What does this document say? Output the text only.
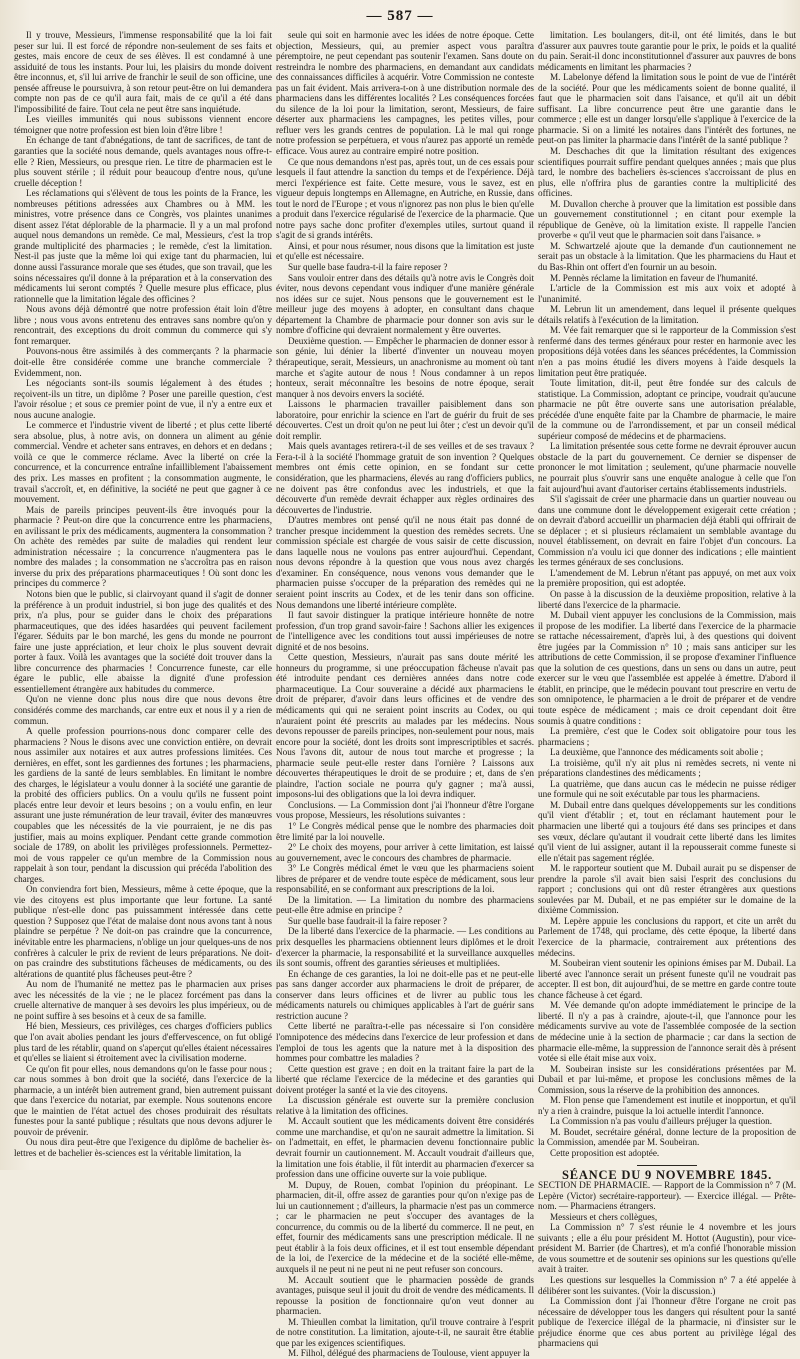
— 587 —

Il y trouve, Messieurs, l'immense responsabilité que la loi fait peser sur lui. Il est forcé de répondre non-seulement de ses faits et gestes, mais encore de ceux de ses élèves. Il est condamné à une assiduité de tous les instants. Pour lui, les plaisirs du monde doivent être inconnus, et, s'il lui arrive de franchir le seuil de son officine, une pensée affreuse le poursuivra, à son retour peut-être on lui demandera compte non pas de ce qu'il aura fait, mais de ce qu'il a été dans l'impossibilité de faire. Tout cela ne peut être sans inquiétude.

Les vieilles immunités qui nous subissons viennent encore témoigner que notre profession est bien loin d'être libre !

En échange de tant d'abnégations, de tant de sacrifices, de tant de garanties que la société nous demande, quels avantages nous offre-t-elle ? Rien, Messieurs, ou presque rien. Le titre de pharmacien est le plus souvent stérile ; il réduit pour beaucoup d'entre nous, qu'une cruelle déception !

Les réclamations qui s'élèvent de tous les points de la France, les nombreuses pétitions adressées aux Chambres ou à MM. les ministres, votre présence dans ce Congrès, vos plaintes unanimes disent assez l'état déplorable de la pharmacie. Il y a un mal profond auquel nous demandons un remède. Ce mal, Messieurs, c'est la trop grande multiplicité des pharmacies ; le remède, c'est la limitation. Nest-il pas juste que la même loi qui exige tant du pharmacien, lui donne aussi l'assurance morale que ses études, que son travail, que les soins nécessaires qu'il donne à la préparation et à la conservation des médicaments lui seront comptés ? Quelle mesure plus efficace, plus rationnelle que la limitation légale des officines ?

Nous avons déjà démontré que notre profession était loin d'être libre ; nous vous avons entretenu des entraves sans nombre qu'on y rencontrait, des exceptions du droit commun du commerce qui s'y font remarquer.

Pouvons-nous être assimilés à des commerçants ? la pharmacie doit-elle être considérée comme une branche commerciale ? Evidemment, non.

Les négociants sont-ils soumis légalement à des études ; reçoivent-ils un titre, un diplôme ? Poser une pareille question, c'est l'avoir résolue ; et sous ce premier point de vue, il n'y a entre eux et nous aucune analogie.

Le commerce et l'industrie vivent de liberté ; et plus cette liberté sera absolue, plus, à notre avis, on donnera un aliment au génie commercial. Vendre et acheter sans entraves, en dehors et en dedans ; voilà ce que le commerce réclame. Avec la liberté on crée la concurrence, et la concurrence entraîne infailliblement l'abaissement des prix. Les masses en profitent ; la consommation augmente, le travail s'accroît, et, en définitive, la société ne peut que gagner à ce mouvement.

Mais de pareils principes peuvent-ils être invoqués pour la pharmacie ? Peut-on dire que la concurrence entre les pharmaciens, en avilissant le prix des médicaments, augmentera la consommation ? On achète des remèdes par suite de maladies qui rendent leur administration nécessaire ; la concurrence n'augmentera pas le nombre des malades ; la consommation ne s'accroîtra pas en raison inverse du prix des préparations pharmaceutiques ! Où sont donc les principes du commerce ?

Notons bien que le public, si clairvoyant quand il s'agit de donner la préférence à un produit industriel, si bon juge des qualités et des prix, n'a plus, pour se guider dans le choix des préparations pharmaceutiques, que des idées hasardées qui peuvent facilement l'égarer. Séduits par le bon marché, les gens du monde ne pourront faire une juste appréciation, et leur choix le plus souvent devrait porter à faux. Voilà les avantages que la société doit trouver dans la libre concurrence des pharmacies ! Concurrence funeste, car elle égare le public, elle abaisse la dignité d'une profession essentiellement étrangère aux habitudes du commerce.

Qu'on ne vienne donc plus nous dire que nous devons être considérés comme des marchands, car entre eux et nous il y a rien de commun.

A quelle profession pourrions-nous donc comparer celle des pharmaciens ? Nous le disons avec une conviction entière, on devrait nous assimiler aux notaires et aux autres professions limitées. Ces dernières, en effet, sont les gardiennes des fortunes ; les pharmaciens, les gardiens de la santé de leurs semblables. En limitant le nombre des charges, le législateur a voulu donner à la société une garantie de la probité des officiers publics. On a voulu qu'ils ne fussent point placés entre leur devoir et leurs besoins ; on a voulu enfin, en leur assurant une juste rémunération de leur travail, éviter des manœuvres coupables que les nécessités de la vie pourraient, je ne dis pas justifier, mais au moins expliquer. Pendant cette grande commotion sociale de 1789, on abolit les privilèges professionnels. Permettez-moi de vous rappeler ce qu'un membre de la Commission nous rappelait à son tour, pendant la discussion qui précéda l'abolition des charges.

On conviendra fort bien, Messieurs, même à cette époque, que la vie des citoyens est plus importante que leur fortune. La santé publique n'est-elle donc pas puissamment intéressée dans cette question ? Supposez que l'état de malaise dont nous avons tant à nous plaindre se perpétue ? Ne doit-on pas craindre que la concurrence, inévitable entre les pharmaciens, n'oblige un jour quelques-uns de nos confrères à calculer le prix de revient de leurs préparations. Ne doit-on pas craindre des substitutions fâcheuses de médicaments, ou des altérations de quantité plus fâcheuses peut-être ?

Au nom de l'humanité ne mettez pas le pharmacien aux prises avec les nécessités de la vie ; ne le placez forcément pas dans la cruelle alternative de manquer à ses devoirs les plus impérieux, ou de ne point suffire à ses besoins et à ceux de sa famille.

Hé bien, Messieurs, ces privilèges, ces charges d'officiers publics que l'on avait abolies pendant les jours d'effervescence, on fut obligé plus tard de les rétablir, quand on s'aperçut qu'elles étaient nécessaires et qu'elles se liaient si étroitement avec la civilisation moderne.

Ce qu'on fit pour elles, nous demandons qu'on le fasse pour nous ; car nous sommes à bon droit que la société, dans l'exercice de la pharmacie, a un intérêt bien autrement grand, bien autrement puissant que dans l'exercice du notariat, par exemple. Nous soutenons encore que le maintien de l'état actuel des choses produirait des résultats funestes pour la santé publique ; résultats que nous devons adjurer le pouvoir de prévenir.

Ou nous dira peut-être que l'exigence du diplôme de bachelier ès-lettres et de bachelier ès-sciences est la véritable limitation, la

seule qui soit en harmonie avec les idées de notre époque. Cette objection, Messieurs, qui, au premier aspect vous paraîtra péremptoire, ne peut cependant pas soutenir l'examen. Sans doute on restreindra le nombre des pharmaciens, en demandant aux candidats des connaissances difficiles à acquérir. Votre Commission ne conteste pas un fait évident. Mais arrivera-t-on à une distribution normale des pharmaciens dans les différentes localités ? Les conséquences forcées du silence de la loi pour la limitation, seront, Messieurs, de faire déserter aux pharmaciens les campagnes, les petites villes, pour refluer vers les grands centres de population. Là le mal qui ronge notre profession se perpétuera, et vous n'aurez pas apporté un remède efficace. Vous aurez au contraire empiré notre position.

Ce que nous demandons n'est pas, après tout, un de ces essais pour lesquels il faut attendre la sanction du temps et de l'expérience. Déjà merci l'expérience est faite. Cette mesure, vous le savez, est en vigueur depuis longtemps en Allemagne, en Autriche, en Russie, dans tout le nord de l'Europe ; et vous n'ignorez pas non plus le bien qu'elle a produit dans l'exercice régularisé de l'exercice de la pharmacie. Que notre pays sache donc profiter d'exemples utiles, surtout quand il s'agit de si grands intérêts.

Ainsi, et pour nous résumer, nous disons que la limitation est juste et qu'elle est nécessaire.

Sur quelle base faudra-t-il la faire reposer ?

Sans vouloir entrer dans des détails qu'à notre avis le Congrès doit éviter, nous devons cependant vous indiquer d'une manière générale nos idées sur ce sujet. Nous pensons que le gouvernement est le meilleur juge des moyens à adopter, en consultant dans chaque département la Chambre de pharmacie pour donner son avis sur le nombre d'officine qui devraient normalement y être ouvertes.

Deuxième question. — Empêcher le pharmacien de donner essor à son génie, lui dénier la liberté d'inventer un nouveau moyen thérapeutique, serait, Messieurs, un anachronisme au moment où tant marche et s'agite autour de nous ! Nous condamner à un repos honteux, serait méconnaître les besoins de notre époque, serait manquer à nos devoirs envers la société.

Laissons le pharmacien travailler paisiblement dans son laboratoire, pour enrichir la science en l'art de guérir du fruit de ses découvertes. C'est un droit qu'on ne peut lui ôter ; c'est un devoir qu'il doit remplir.

Mais quels avantages retirera-t-il de ses veilles et de ses travaux ? Fera-t-il à la société l'hommage gratuit de son invention ? Quelques membres ont émis cette opinion, en se fondant sur cette considération, que les pharmaciens, élevés au rang d'officiers publics, ne doivent pas être confondus avec les industriels, et que la découverte d'un remède devrait échapper aux règles ordinaires des découvertes de l'industrie.

D'autres membres ont pensé qu'il ne nous était pas donné de trancher presque incidemment la question des remèdes secrets. Une commission spéciale est chargée de vous saisir de cette discussion, dans laquelle nous ne voulons pas entrer aujourd'hui. Cependant, nous devons répondre à la question que vous nous avez chargés d'examiner. En conséquence, nous venons vous demander que le pharmacien puisse s'occuper de la préparation des remèdes qui ne seraient point inscrits au Codex, et de les tenir dans son officine. Nous demandons une liberté intérieure complète.

Il faut savoir distinguer la pratique intérieure honnête de notre profession, d'un trop grand savoir-faire ! Sachons allier les exigences de l'intelligence avec les conditions tout aussi impérieuses de notre dignité et de nos besoins.

Cette question, Messieurs, n'aurait pas sans doute mérité les honneurs du programme, si une préoccupation fâcheuse n'avait pas été introduite pendant ces dernières années dans notre code pharmaceutique. La Cour souveraine a décidé aux pharmaciens le droit de préparer, d'avoir dans leurs officines et de vendre des médicaments qui qui ne seraient point inscrits au Codex, ou qui n'auraient point été prescrits au malades par les médecins. Nous devons repousser de pareils principes, non-seulement pour nous, mais encore pour la société, dont les droits sont imprescriptibles et sacrés. Nous l'avons dit, autour de nous tout marche et progresse ; la pharmacie seule peut-elle rester dans l'ornière ? Laissons aux découvertes thérapeutiques le droit de se produire ; et, dans de s'en plaindre, l'action sociale ne pourra qu'y gagner ; ma'à aussi, imposons-lui des obligations que la loi devra indiquer.

Conclusions. — La Commission dont j'ai l'honneur d'être l'organe vous propose, Messieurs, les résolutions suivantes :

1° Le Congrès médical pense que le nombre des pharmacies doit être limité par la loi nouvelle.

2° Le choix des moyens, pour arriver à cette limitation, est laissé au gouvernement, avec le concours des chambres de pharmacie.

3° Le Congrès médical émet le vœu que les pharmaciens soient libres de préparer et de vendre toute espèce de médicament, sous leur responsabilité, en se conformant aux prescriptions de la loi.

De la limitation. — La limitation du nombre des pharmaciens peut-elle être admise en principe ?

Sur quelle base faudrait-il la faire reposer ?

De la liberté dans l'exercice de la pharmacie. — Les conditions au prix desquelles les pharmaciens obtiennent leurs diplômes et le droit d'exercer la pharmacie, la responsabilité et la surveillance auxquelles ils sont soumis, offrent des garanties sérieuses et multipliées.

En échange de ces garanties, la loi ne doit-elle pas et ne peut-elle pas sans danger accorder aux pharmaciens le droit de préparer, de conserver dans leurs officines et de livrer au public tous les médicaments naturels ou chimiques applicables à l'art de guérir sans restriction aucune ?

Cette liberté ne paraîtra-t-elle pas nécessaire si l'on considère l'omnipotence des médecins dans l'exercice de leur profession et dans l'emploi de tous les agents que la nature met à la disposition des hommes pour combattre les maladies ?

Cette question est grave ; en doit en la traitant faire la part de la liberté que réclame l'exercice de la médecine et des garanties qui doivent protéger la santé et la vie des citoyens.

La discussion générale est ouverte sur la première conclusion relative à la limitation des officines.

M. Accault soutient que les médicaments doivent être considérés comme une marchandise, et qu'on ne saurait admettre la limitation. Si on l'admettait, en effet, le pharmacien devenu fonctionnaire public devrait fournir un cautionnement. M. Accault voudrait d'ailleurs que, la limitation une fois établie, il fût interdit au pharmacien d'exercer sa profession dans une officine ouverte sur la voie publique.

M. Dupuy, de Rouen, combat l'opinion du préopinant. Le pharmacien, dit-il, offre assez de garanties pour qu'on n'exige pas de lui un cautionnement ; d'ailleurs, la pharmacie n'est pas un commerce ; car le pharmacien ne peut s'occuper des avantages de la concurrence, du commis ou de la liberté du commerce. Il ne peut, en effet, fournir des médicaments sans une prescription médicale. Il ne peut établir à la fois deux officines, et il est tout ensemble dépendant de la loi, de l'exercice de la médecine et de la société elle-même, auxquels il ne peut ni ne peut ni ne peut refuser son concours.

M. Accault soutient que le pharmacien possède de grands avantages, puisque seul il jouit du droit de vendre des médicaments. Il repousse la position de fonctionnaire qu'on veut donner au pharmacien.

M. Thieullen combat la limitation, qu'il trouve contraire à l'esprit de notre constitution. La limitation, ajoute-t-il, ne saurait être établie que par les exigences scientifiques.

M. Filhol, délégué des pharmaciens de Toulouse, vient appuyer la

limitation. Les boulangers, dit-il, ont été limités, dans le but d'assurer aux pauvres toute garantie pour le prix, le poids et la qualité du pain. Serait-il donc inconstitutionnel d'assurer aux pauvres de bons médicaments en limitant les pharmacies ?

M. Labelonye défend la limitation sous le point de vue de l'intérêt de la société. Pour que les médicaments soient de bonne qualité, il faut que le pharmacien soit dans l'aisance, et qu'il ait un débit suffisant. La libre concurrence peut être une garantie dans le commerce ; elle est un danger lorsqu'elle s'applique à l'exercice de la pharmacie. Si on a limité les notaires dans l'intérêt des fortunes, ne peut-on pas limiter la pharmacie dans l'intérêt de la santé publique ?

M. Deschaches dit que la limitation résultant des exigences scientifiques pourrait suffire pendant quelques années ; mais que plus tard, le nombre des bacheliers ès-sciences s'accroissant de plus en plus, elle n'offrira plus de garanties contre la multiplicité des officines.

M. Duvallon cherche à prouver que la limitation est possible dans un gouvernement constitutionnel ; en citant pour exemple la république de Genève, où la limitation existe. Il rappelle l'ancien proverbe « qu'il veut que le pharmacien soit dans l'aisance. »

M. Schwartzelé ajoute que la demande d'un cautionnement ne serait pas un obstacle à la limitation. Que les pharmaciens du Haut et du Bas-Rhin ont offert d'en fournir un au besoin.

M. Pennès réclame la limitation en faveur de l'humanité.

L'article de la Commission est mis aux voix et adopté à l'unanimité.

M. Lebrun lit un amendement, dans lequel il présente quelques détails relatifs à l'exécution de la limitation.

M. Vée fait remarquer que si le rapporteur de la Commission s'est renfermé dans des termes généraux pour rester en harmonie avec les propositions déjà votées dans les séances précédentes, la Commission n'en a pas moins étudié les divers moyens à l'aide desquels la limitation peut être pratiquée.

Toute limitation, dit-il, peut être fondée sur des calculs de statistique. La Commission, adoptant ce principe, voudrait qu'aucune pharmacie ne pût être ouverte sans une autorisation préalable, précédée d'une enquête faite par la Chambre de pharmacie, le maire de la commune ou de l'arrondissement, et par un conseil médical supérieur composé de médecins et de pharmaciens.

La limitation présentée sous cette forme ne devrait éprouver aucun obstacle de la part du gouvernement. Ce dernier se dispenser de prononcer le mot limitation ; seulement, qu'une pharmacie nouvelle ne pourrait plus s'ouvrir sans une enquête analogue à celle que l'on fait aujourd'hui avant d'autoriser certains établissements industriels.

S'il s'agissait de créer une pharmacie dans un quartier nouveau ou dans une commune dont le développement exigerait cette création ; on devrait d'abord accueillir un pharmacien déjà établi qui offrirait de se déplacer ; et si plusieurs réclamaient un semblable avantage du nouvel établissement, on devrait en faire l'objet d'un concours. La Commission n'a voulu ici que donner des indications ; elle maintient les termes généraux de ses conclusions.

L'amendement de M. Lebrun n'étant pas appuyé, on met aux voix la première proposition, qui est adoptée.

On passe à la discussion de la deuxième proposition, relative à la liberté dans l'exercice de la pharmacie.

M. Dubail vient appuyer les conclusions de la Commission, mais il propose de les modifier. La liberté dans l'exercice de la pharmacie se rattache nécessairement, d'après lui, à des questions qui doivent être jugées par la Commission n° 10 ; mais sans anticiper sur les attributions de cette Commission, il se propose d'examiner l'influence que la solution de ces questions, dans un sens ou dans un autre, peut exercer sur le vœu que l'assemblée est appelée à émettre. D'abord il établit, en principe, que le médecin pouvant tout prescrire en vertu de son omnipotence, le pharmacien a le droit de préparer et de vendre toute espèce de médicament ; mais ce droit cependant doit être soumis à quatre conditions :

La première, c'est que le Codex soit obligatoire pour tous les pharmaciens ;

La deuxième, que l'annonce des médicaments soit abolie ;

La troisième, qu'il n'y ait plus ni remèdes secrets, ni vente ni préparations clandestines des médicaments ;

La quatrième, que dans aucun cas le médecin ne puisse rédiger une formule qui ne soit exécutable par tous les pharmaciens.

M. Dubail entre dans quelques développements sur les conditions qu'il vient d'établir ; et, tout en réclamant hautement pour le pharmacien une liberté qui a toujours été dans ses principes et dans ses vœux, déclare qu'autant il voudrait cette liberté dans les limites qu'il vient de lui assigner, autant il la repousserait comme funeste si elle n'était pas sagement réglée.

M. le rapporteur soutient que M. Dubail aurait pu se dispenser de prendre la parole s'il avait bien saisi l'esprit des conclusions du rapport ; conclusions qui ont dû rester étrangères aux questions soulevées par M. Dubail, et ne pas empiéter sur le domaine de la dixième Commission.

M. Lepère appuie les conclusions du rapport, et cite un arrêt du Parlement de 1748, qui proclame, dès cette époque, la liberté dans l'exercice de la pharmacie, contrairement aux prétentions des médecins.

M. Soubeiran vient soutenir les opinions émises par M. Dubail. La liberté avec l'annonce serait un présent funeste qu'il ne voudrait pas accepter. Il est bon, dit aujourd'hui, de se mettre en garde contre toute chance fâcheuse à cet égard.

M. Vée demande qu'on adopte immédiatement le principe de la liberté. Il n'y a pas à craindre, ajoute-t-il, que l'annonce pour les médicaments survive au vote de l'assemblée composée de la section de médecine unie à la section de pharmacie ; car dans la section de pharmacie elle-même, la suppression de l'annonce serait dès à présent votée si elle était mise aux voix.

M. Soubeiran insiste sur les considérations présentées par M. Dubail et par lui-même, et propose les conclusions mêmes de la Commission, sous la réserve de la prohibition des annonces.

M. Flon pense que l'amendement est inutile et inopportun, et qu'il n'y a rien à craindre, puisque la loi actuelle interdit l'annonce.

La Commission n'a pas voulu d'ailleurs préjuger la question.

M. Boudet, secrétaire général, donne lecture de la proposition de la Commission, amendée par M. Soubeiran.

Cette proposition est adoptée.

SÉANCE DU 9 NOVEMBRE 1845.

SECTION DE PHARMACIE. — Rapport de la Commission n° 7 (M. Lepère (Victor) secrétaire-rapporteur). — Exercice illégal. — Prête-nom. — Pharmaciens étrangers.

Messieurs et chers collègues,

La Commission n° 7 s'est réunie le 4 novembre et les jours suivants ; elle a élu pour président M. Hottot (Augustin), pour vice-président M. Barrier (de Chartres), et m'a confié l'honorable mission de vous soumettre et de soutenir ses opinions sur les questions qu'elle avait à traiter.

Les questions sur lesquelles la Commission n° 7 a été appelée à délibérer sont les suivantes. (Voir la discussion.)

La Commission dont j'ai l'honneur d'être l'organe ne croit pas nécessaire de développer tous les dangers qui résultent pour la santé publique de l'exercice illégal de la pharmacie, ni d'insister sur le préjudice énorme que ces abus portent au privilège légal des pharmaciens qui
